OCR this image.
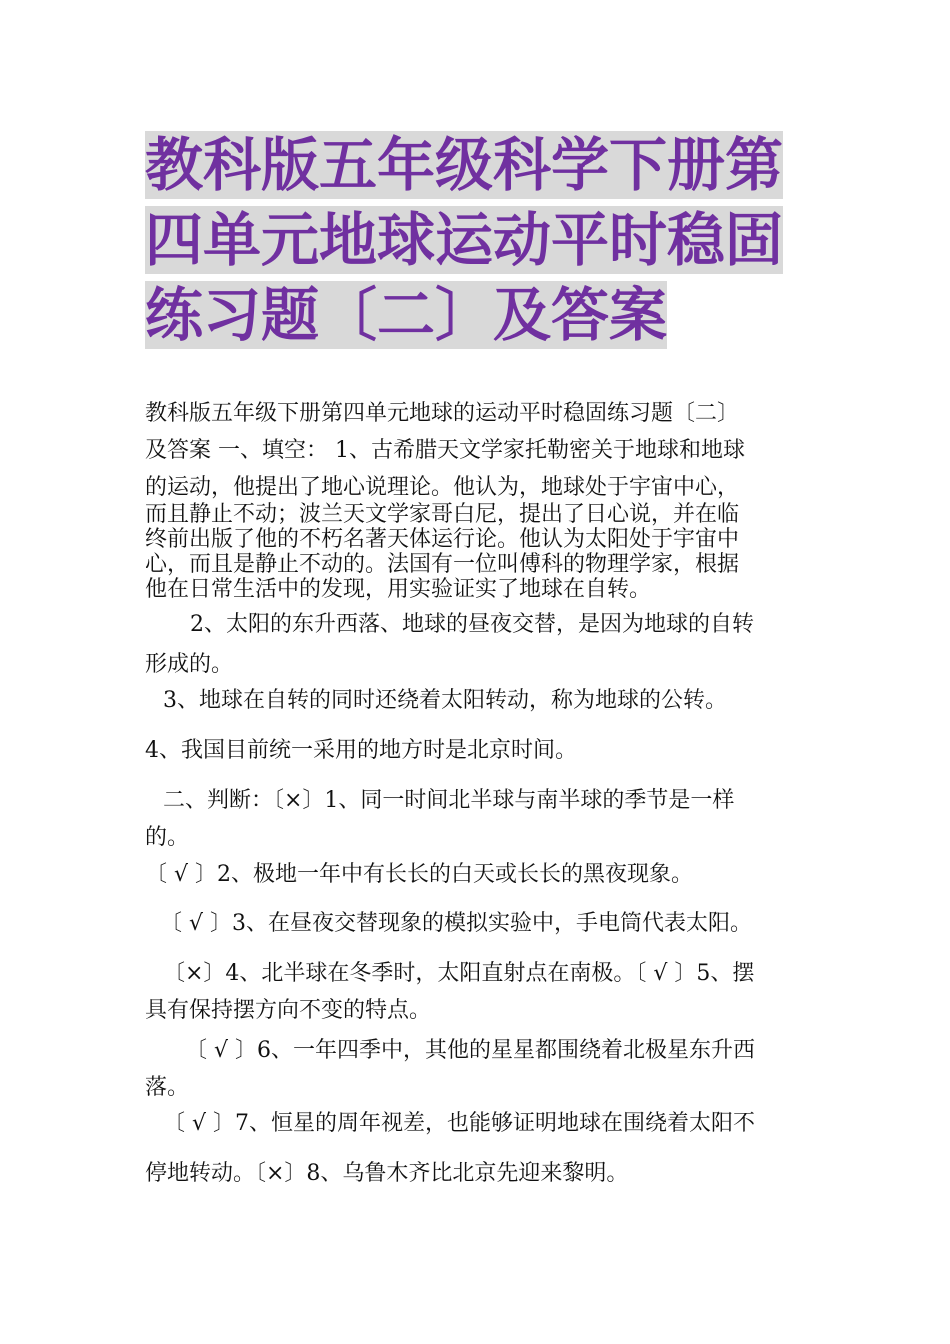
教科版五年级科学下册第
四单元地球运动平时稳固
练习题〔二〕及答案
教科版五年级下册第四单元地球的运动平时稳固练习题〔二〕
及答案 一、填空： 1、古希腊天文学家托勒密关于地球和地球
的运动，他提出了地心说理论。他认为，地球处于宇宙中心，
而且静止不动；波兰天文学家哥白尼，提出了日心说，并在临
终前出版了他的不朽名著天体运行论。他认为太阳处于宇宙中
心，而且是静止不动的。法国有一位叫傅科的物理学家，根据
他在日常生活中的发现，用实验证实了地球在自转。
2、太阳的东升西落、地球的昼夜交替，是因为地球的自转
形成的。
3、地球在自转的同时还绕着太阳转动，称为地球的公转。
4、我国目前统一采用的地方时是北京时间。
二、判断：〔×〕1、同一时间北半球与南半球的季节是一样
的。
〔 √ 〕2、极地一年中有长长的白天或长长的黑夜现象。
〔 √ 〕3、在昼夜交替现象的模拟实验中，手电筒代表太阳。
〔×〕4、北半球在冬季时，太阳直射点在南极。〔 √ 〕5、摆
具有保持摆方向不变的特点。
〔 √ 〕6、一年四季中，其他的星星都围绕着北极星东升西
落。
〔 √ 〕7、恒星的周年视差，也能够证明地球在围绕着太阳不
停地转动。〔×〕8、乌鲁木齐比北京先迎来黎明。
